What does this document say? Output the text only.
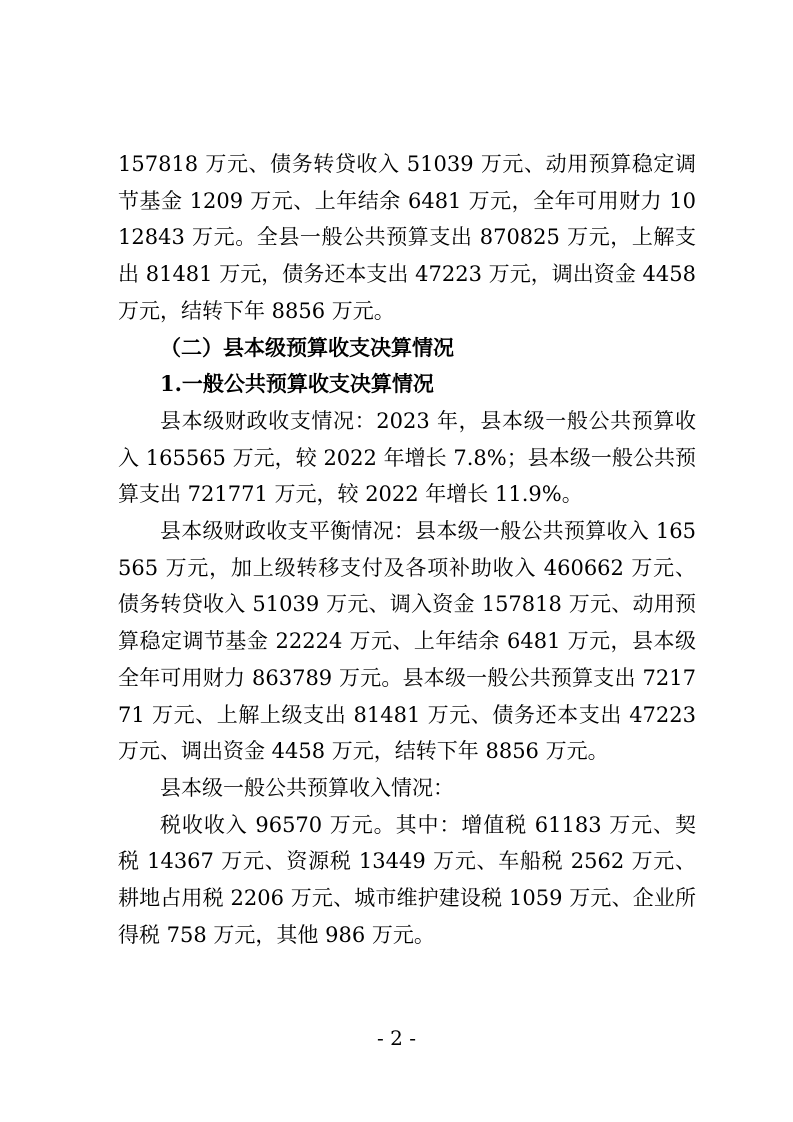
157818 万元、债务转贷收入 51039 万元、动用预算稳定调节基金 1209 万元、上年结余 6481 万元，全年可用财力 1012843 万元。全县一般公共预算支出 870825 万元，上解支出 81481 万元，债务还本支出 47223 万元，调出资金 4458 万元，结转下年 8856 万元。

（二）县本级预算收支决算情况

1.一般公共预算收支决算情况

县本级财政收支情况：2023 年，县本级一般公共预算收入 165565 万元，较 2022 年增长 7.8%；县本级一般公共预算支出 721771 万元，较 2022 年增长 11.9%。

县本级财政收支平衡情况：县本级一般公共预算收入 165565 万元，加上级转移支付及各项补助收入 460662 万元、债务转贷收入 51039 万元、调入资金 157818 万元、动用预算稳定调节基金 22224 万元、上年结余 6481 万元，县本级全年可用财力 863789 万元。县本级一般公共预算支出 721771 万元、上解上级支出 81481 万元、债务还本支出 47223 万元、调出资金 4458 万元，结转下年 8856 万元。

县本级一般公共预算收入情况：

税收收入 96570 万元。其中：增值税 61183 万元、契税 14367 万元、资源税 13449 万元、车船税 2562 万元、耕地占用税 2206 万元、城市维护建设税 1059 万元、企业所得税 758 万元，其他 986 万元。

- 2 -
